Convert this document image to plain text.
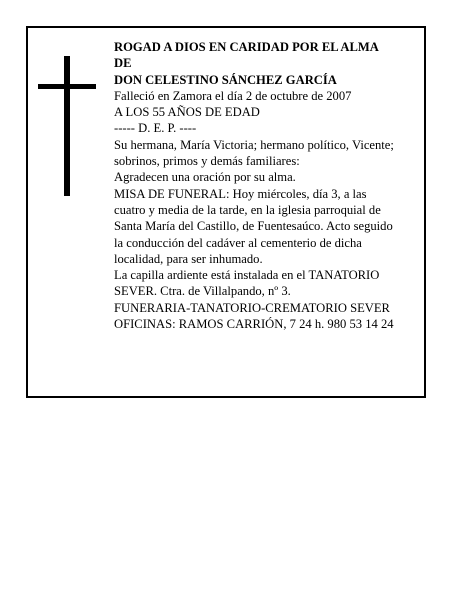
ROGAD A DIOS EN CARIDAD POR EL ALMA
DE
DON CELESTINO SÁNCHEZ GARCÍA
Falleció en Zamora el día 2 de octubre de 2007
A LOS 55 AÑOS DE EDAD
----- D. E. P. ----
Su hermana, María Victoria; hermano político, Vicente;
sobrinos, primos y demás familiares:
Agradecen una oración por su alma.
MISA DE FUNERAL: Hoy miércoles, día 3, a las
cuatro y media de la tarde, en la iglesia parroquial de
Santa María del Castillo, de Fuentesaúco. Acto seguido
la conducción del cadáver al cementerio de dicha
localidad, para ser inhumado.
La capilla ardiente está instalada en el TANATORIO
SEVER. Ctra. de Villalpando, nº 3.
FUNERARIA-TANATORIO-CREMATORIO SEVER
OFICINAS: RAMOS CARRIÓN, 7 24 h. 980 53 14 24
